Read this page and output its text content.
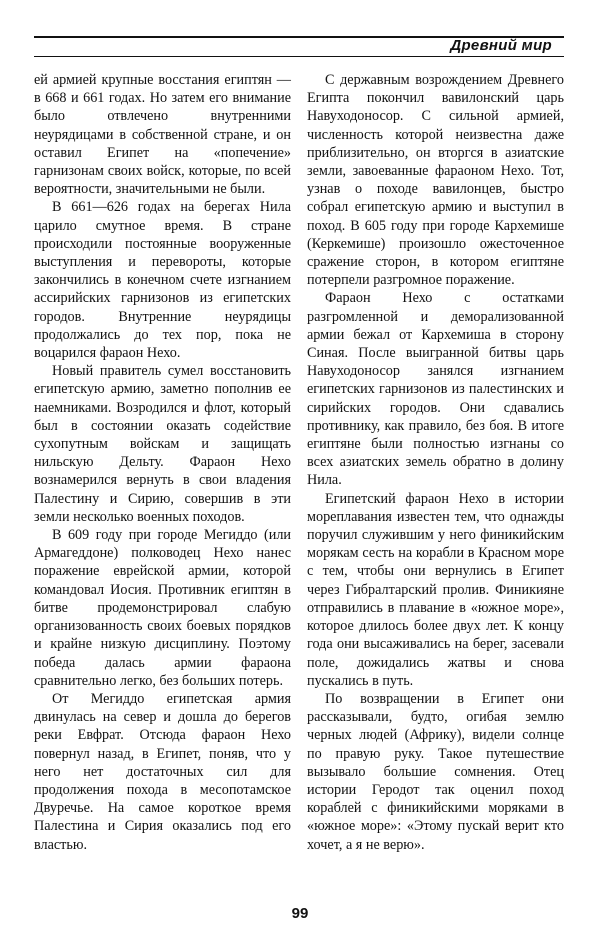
Древний мир

ей армией крупные восстания египтян — в 668 и 661 годах. Но затем его внимание было отвлечено внутренними неурядицами в собственной стране, и он оставил Египет на «попечение» гарнизонам своих войск, которые, по всей вероятности, значительными не были.

В 661—626 годах на берегах Нила царило смутное время. В стране происходили постоянные вооруженные выступления и перевороты, которые закончились в конечном счете изгнанием ассирийских гарнизонов из египетских городов. Внутренние неурядицы продолжались до тех пор, пока не воцарился фараон Нехо.

Новый правитель сумел восстановить египетскую армию, заметно пополнив ее наемниками. Возродился и флот, который был в состоянии оказать содействие сухопутным войскам и защищать нильскую Дельту. Фараон Нехо вознамерился вернуть в свои владения Палестину и Сирию, совершив в эти земли несколько военных походов.

В 609 году при городе Мегиддо (или Армагеддоне) полководец Нехо нанес поражение еврейской армии, которой командовал Иосия. Противник египтян в битве продемонстрировал слабую организованность своих боевых порядков и крайне низкую дисциплину. Поэтому победа далась армии фараона сравнительно легко, без больших потерь.

От Мегиддо египетская армия двинулась на север и дошла до берегов реки Евфрат. Отсюда фараон Нехо повернул назад, в Египет, поняв, что у него нет достаточных сил для продолжения похода в месопотамское Двуречье. На самое короткое время Палестина и Сирия оказались под его властью.

С державным возрождением Древнего Египта покончил вавилонский царь Навуходоносор. С сильной армией, численность которой неизвестна даже приблизительно, он вторгся в азиатские земли, завоеванные фараоном Нехо. Тот, узнав о походе вавилонцев, быстро собрал египетскую армию и выступил в поход. В 605 году при городе Кархемише (Керкемише) произошло ожесточенное сражение сторон, в котором египтяне потерпели разгромное поражение.

Фараон Нехо с остатками разгромленной и деморализованной армии бежал от Кархемиша в сторону Синая. После выигранной битвы царь Навуходоносор занялся изгнанием египетских гарнизонов из палестинских и сирийских городов. Они сдавались противнику, как правило, без боя. В итоге египтяне были полностью изгнаны со всех азиатских земель обратно в долину Нила.

Египетский фараон Нехо в истории мореплавания известен тем, что однажды поручил служившим у него финикийским морякам сесть на корабли в Красном море с тем, чтобы они вернулись в Египет через Гибралтарский пролив. Финикияне отправились в плавание в «южное море», которое длилось более двух лет. К концу года они высаживались на берег, засевали поле, дожидались жатвы и снова пускались в путь.

По возвращении в Египет они рассказывали, будто, огибая землю черных людей (Африку), видели солнце по правую руку. Такое путешествие вызывало большие сомнения. Отец истории Геродот так оценил поход кораблей с финикийскими моряками в «южное море»: «Этому пускай верит кто хочет, а я не верю».

99
